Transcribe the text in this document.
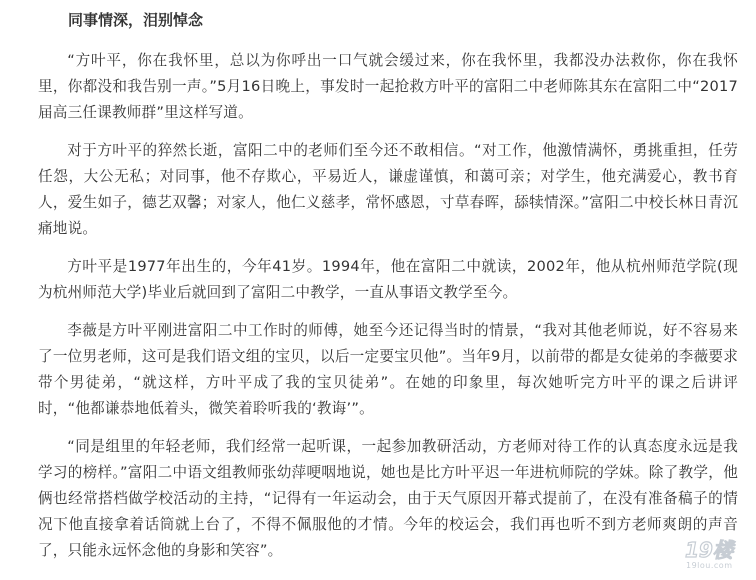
同事情深，泪别悼念

“方叶平，你在我怀里，总以为你呼出一口气就会缓过来，你在我怀里，我都没办法救你，你在我怀里，你都没和我告别一声。”5月16日晚上，事发时一起抢救方叶平的富阳二中老师陈其东在富阳二中“2017届高三任课教师群”里这样写道。

对于方叶平的猝然长逝，富阳二中的老师们至今还不敢相信。“对工作，他激情满怀，勇挑重担，任劳任怨，大公无私；对同事，他不存欺心，平易近人，谦虚谨慎，和蔼可亲；对学生，他充满爱心，教书育人，爱生如子，德艺双馨；对家人，他仁义慈孝，常怀感恩，寸草春晖，舔犊情深。”富阳二中校长林日青沉痛地说。

方叶平是1977年出生的，今年41岁。1994年，他在富阳二中就读，2002年，他从杭州师范学院(现为杭州师范大学)毕业后就回到了富阳二中教学，一直从事语文教学至今。

李薇是方叶平刚进富阳二中工作时的师傅，她至今还记得当时的情景，“我对其他老师说，好不容易来了一位男老师，这可是我们语文组的宝贝，以后一定要宝贝他”。当年9月，以前带的都是女徒弟的李薇要求带个男徒弟，“就这样，方叶平成了我的宝贝徒弟”。在她的印象里，每次她听完方叶平的课之后讲评时，“他都谦恭地低着头，微笑着聆听我的‘教诲’”。

“同是组里的年轻老师，我们经常一起听课，一起参加教研活动，方老师对待工作的认真态度永远是我学习的榜样。”富阳二中语文组教师张幼萍哽咽地说，她也是比方叶平迟一年进杭师院的学妹。除了教学，他俩也经常搭档做学校活动的主持，“记得有一年运动会，由于天气原因开幕式提前了，在没有准备稿子的情况下他直接拿着话筒就上台了，不得不佩服他的才情。今年的校运会，我们再也听不到方老师爽朗的声音了，只能永远怀念他的身影和笑容”。	19楼
19lou.com
